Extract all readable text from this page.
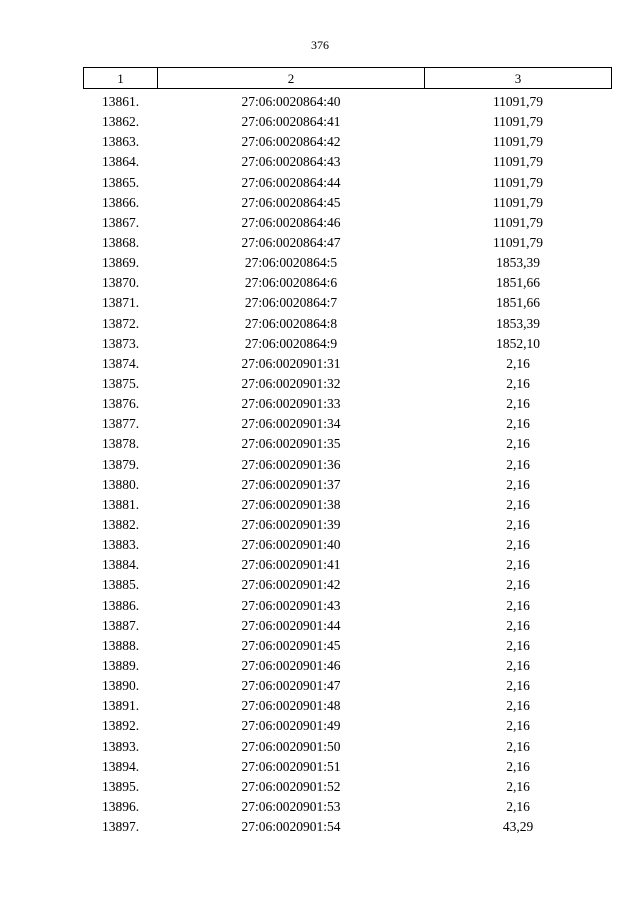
376
1	2	3
13861.	27:06:0020864:40	11091,79
13862.	27:06:0020864:41	11091,79
13863.	27:06:0020864:42	11091,79
13864.	27:06:0020864:43	11091,79
13865.	27:06:0020864:44	11091,79
13866.	27:06:0020864:45	11091,79
13867.	27:06:0020864:46	11091,79
13868.	27:06:0020864:47	11091,79
13869.	27:06:0020864:5	1853,39
13870.	27:06:0020864:6	1851,66
13871.	27:06:0020864:7	1851,66
13872.	27:06:0020864:8	1853,39
13873.	27:06:0020864:9	1852,10
13874.	27:06:0020901:31	2,16
13875.	27:06:0020901:32	2,16
13876.	27:06:0020901:33	2,16
13877.	27:06:0020901:34	2,16
13878.	27:06:0020901:35	2,16
13879.	27:06:0020901:36	2,16
13880.	27:06:0020901:37	2,16
13881.	27:06:0020901:38	2,16
13882.	27:06:0020901:39	2,16
13883.	27:06:0020901:40	2,16
13884.	27:06:0020901:41	2,16
13885.	27:06:0020901:42	2,16
13886.	27:06:0020901:43	2,16
13887.	27:06:0020901:44	2,16
13888.	27:06:0020901:45	2,16
13889.	27:06:0020901:46	2,16
13890.	27:06:0020901:47	2,16
13891.	27:06:0020901:48	2,16
13892.	27:06:0020901:49	2,16
13893.	27:06:0020901:50	2,16
13894.	27:06:0020901:51	2,16
13895.	27:06:0020901:52	2,16
13896.	27:06:0020901:53	2,16
13897.	27:06:0020901:54	43,29
